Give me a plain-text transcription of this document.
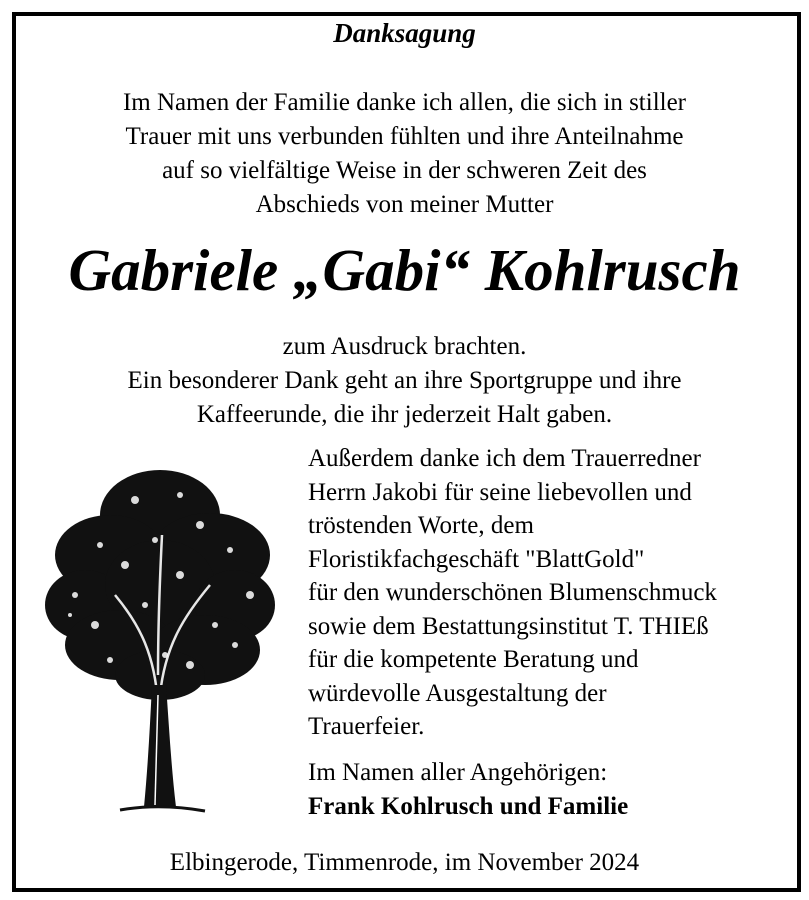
Danksagung
Im Namen der Familie danke ich allen, die sich in stiller
Trauer mit uns verbunden fühlten und ihre Anteilnahme
auf so vielfältige Weise in der schweren Zeit des
Abschieds von meiner Mutter
Gabriele „Gabi“ Kohlrusch
zum Ausdruck brachten.
Ein besonderer Dank geht an ihre Sportgruppe und ihre
Kaffeerunde, die ihr jederzeit Halt gaben.
Außerdem danke ich dem Trauerredner
Herrn Jakobi für seine liebevollen und
tröstenden Worte, dem
Floristikfachgeschäft "BlattGold"
für den wunderschönen Blumenschmuck
sowie dem Bestattungsinstitut T. THIEß
für die kompetente Beratung und
würdevolle Ausgestaltung der
Trauerfeier.
Im Namen aller Angehörigen:
Frank Kohlrusch und Familie
Elbingerode, Timmenrode, im November 2024
